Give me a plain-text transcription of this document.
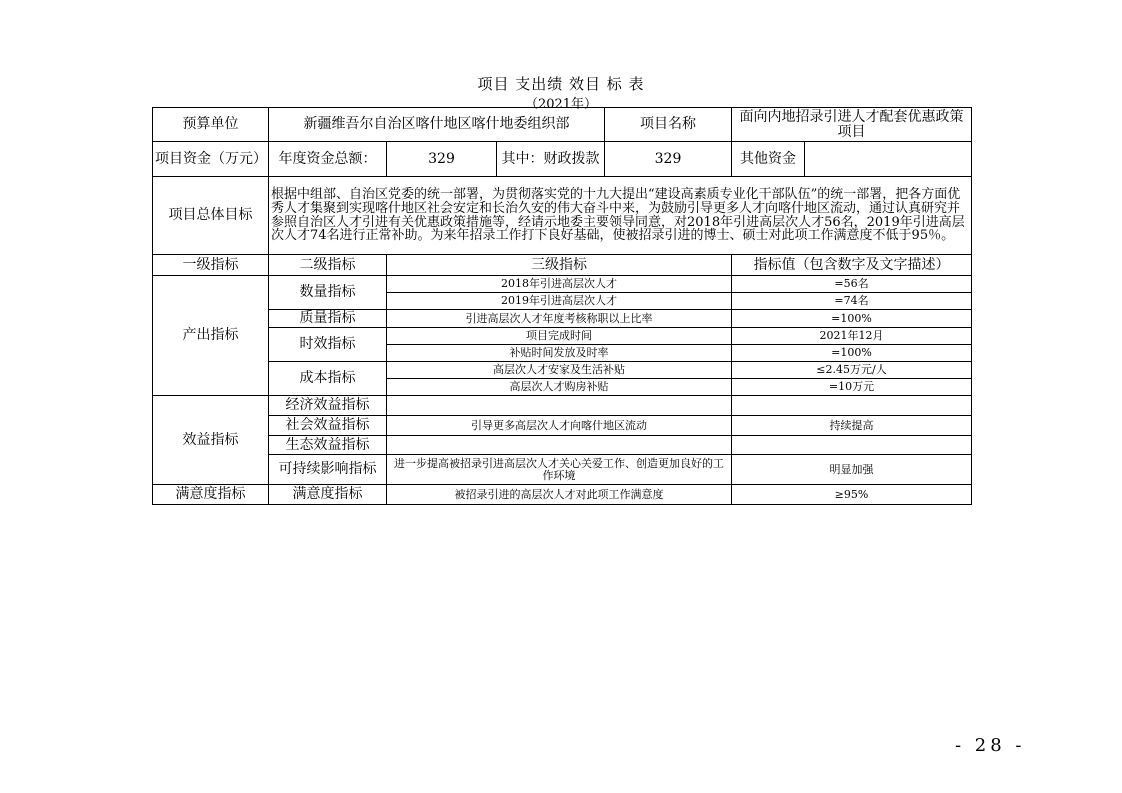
项目 支出绩 效目 标 表
（2021年）
预算单位	新疆维吾尔自治区喀什地区喀什地委组织部			项目名称	面向内地招录引进人才配套优惠政策项目	
项目资金（万元）	年度资金总额：	329	其中：财政拨款	329	其他资金	
项目总体目标	根据中组部、自治区党委的统一部署，为贯彻落实党的十九大提出“建设高素质专业化干部队伍”的统一部署，把各方面优秀人才集聚到实现喀什地区社会安定和长治久安的伟大奋斗中来，为鼓励引导更多人才向喀什地区流动，通过认真研究并参照自治区人才引进有关优惠政策措施等，经请示地委主要领导同意，对2018年引进高层次人才56名，2019年引进高层次人才74名进行正常补助。为来年招录工作打下良好基础，使被招录引进的博士、硕士对此项工作满意度不低于95％。					
一级指标	二级指标	三级指标			指标值（包含数字及文字描述）	
产出指标	数量指标	2018年引进高层次人才			=56名	
		2019年引进高层次人才			=74名	
	质量指标	引进高层次人才年度考核称职以上比率			=100%	
	时效指标	项目完成时间			2021年12月	
		补贴时间发放及时率			=100%	
	成本指标	高层次人才安家及生活补贴			≤2.45万元/人	
		高层次人才购房补贴			=10万元	
效益指标	经济效益指标					
	社会效益指标	引导更多高层次人才向喀什地区流动			持续提高	
	生态效益指标					
	可持续影响指标	进一步提高被招录引进高层次人才关心关爱工作、创造更加良好的工作环境			明显加强	
满意度指标	满意度指标	被招录引进的高层次人才对此项工作满意度			≥95%	
- 28 -
